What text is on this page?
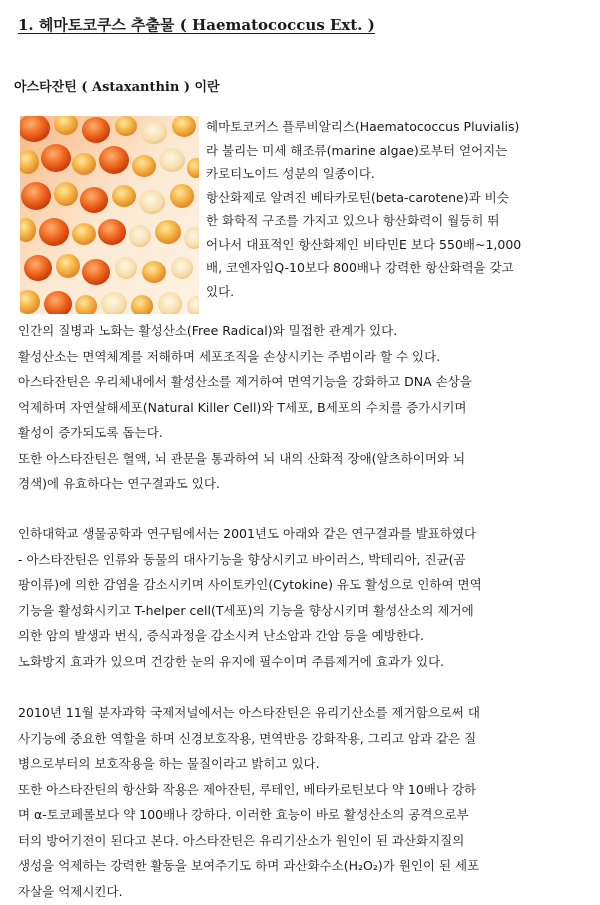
1. 헤마토코쿠스 추출물 ( Haematococcus Ext. )
아스타잔틴 ( Astaxanthin ) 이란
헤마토코커스 플루비알리스(Haematococcus Pluvialis)
라 불리는 미세 해조류(marine algae)로부터 얻어지는
카로티노이드 성분의 일종이다.
항산화제로 알려진 베타카로틴(beta-carotene)과 비슷
한 화학적 구조를 가지고 있으나 항산화력이 월등히 뛰
어나서 대표적인 항산화제인 비타민E 보다 550배~1,000
배, 코엔자임Q-10보다 800배나 강력한 항산화력을 갖고
있다.
인간의 질병과 노화는 활성산소(Free Radical)와 밀접한 관계가 있다.
활성산소는 면역체계를 저해하며 세포조직을 손상시키는 주범이라 할 수 있다.
아스타잔틴은 우리체내에서 활성산소를 제거하여 면역기능을 강화하고 DNA 손상을
억제하며 자연살해세포(Natural Killer Cell)와 T세포, B세포의 수치를 증가시키며
활성이 증가되도록 돕는다.
또한 아스타잔틴은 혈액, 뇌 관문을 통과하여 뇌 내의 산화적 장애(알츠하이머와 뇌
경색)에 유효하다는 연구결과도 있다.
인하대학교 생물공학과 연구팀에서는 2001년도 아래와 같은 연구결과를 발표하였다
- 아스타잔틴은 인류와 동물의 대사기능을 향상시키고 바이러스, 박테리아, 진균(곰
팡이류)에 의한 감염을 감소시키며 사이토카인(Cytokine) 유도 활성으로 인하여 면역
기능을 활성화시키고 T-helper cell(T세포)의 기능을 향상시키며 활성산소의 제거에
의한 암의 발생과 번식, 증식과정을 감소시켜 난소암과 간암 등을 예방한다.
노화방지 효과가 있으며 건강한 눈의 유지에 필수이며 주름제거에 효과가 있다.
2010년 11월 분자과학 국제저널에서는 아스타잔틴은 유리기산소를 제거함으로써 대
사기능에 중요한 역할을 하며 신경보호작용, 면역반응 강화작용, 그리고 암과 같은 질
병으로부터의 보호작용을 하는 물질이라고 밝히고 있다.
또한 아스타잔틴의 항산화 작용은 제아잔틴, 루테인, 베타카로틴보다 약 10배나 강하
며 α-토코페롤보다 약 100배나 강하다. 이러한 효능이 바로 활성산소의 공격으로부
터의 방어기전이 된다고 본다. 아스타잔틴은 유리기산소가 원인이 된 과산화지질의
생성을 억제하는 강력한 활동을 보여주기도 하며 과산화수소(H₂O₂)가 원인이 된 세포
자살을 억제시킨다.
